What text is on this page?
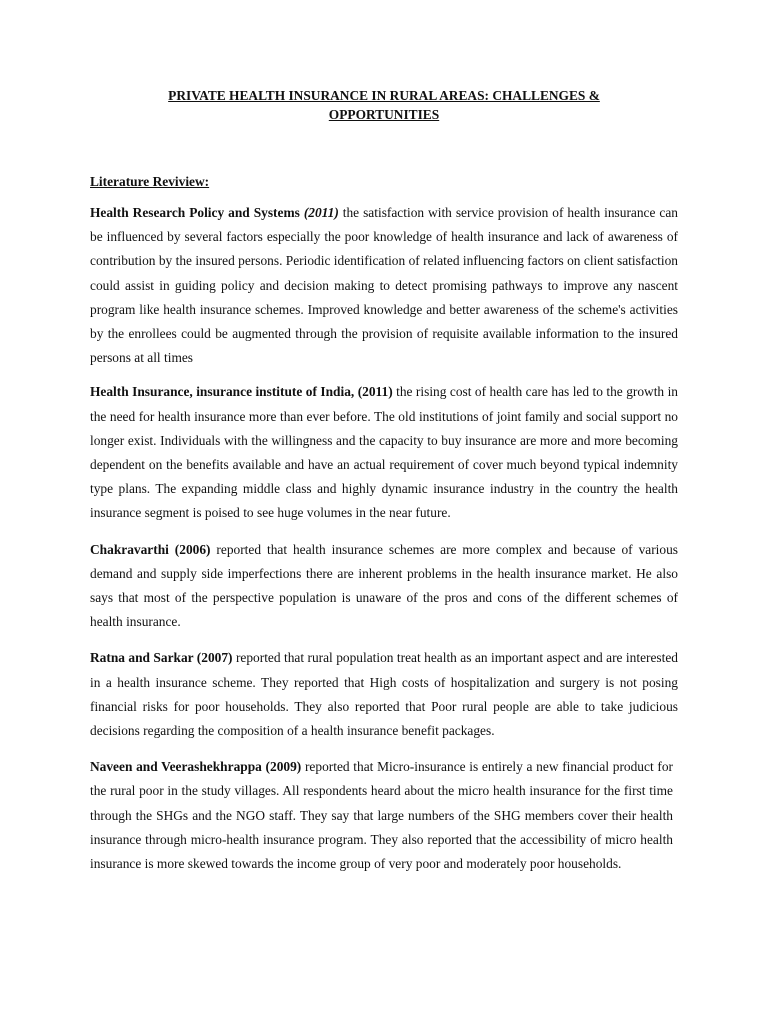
PRIVATE HEALTH INSURANCE IN RURAL AREAS: CHALLENGES &
OPPORTUNITIES

Literature Reviview:

Health Research Policy and Systems (2011) the satisfaction with service provision of health insurance can be influenced by several factors especially the poor knowledge of health insurance and lack of awareness of contribution by the insured persons. Periodic identification of related influencing factors on client satisfaction could assist in guiding policy and decision making to detect promising pathways to improve any nascent program like health insurance schemes. Improved knowledge and better awareness of the scheme's activities by the enrollees could be augmented through the provision of requisite available information to the insured persons at all times

Health Insurance, insurance institute of India, (2011) the rising cost of health care has led to the growth in the need for health insurance more than ever before. The old institutions of joint family and social support no longer exist. Individuals with the willingness and the capacity to buy insurance are more and more becoming dependent on the benefits available and have an actual requirement of cover much beyond typical indemnity type plans. The expanding middle class and highly dynamic insurance industry in the country the health insurance segment is poised to see huge volumes in the near future.

Chakravarthi (2006) reported that health insurance schemes are more complex and because of various demand and supply side imperfections there are inherent problems in the health insurance market. He also says that most of the perspective population is unaware of the pros and cons of the different schemes of health insurance.

Ratna and Sarkar (2007) reported that rural population treat health as an important aspect and are interested in a health insurance scheme. They reported that High costs of hospitalization and surgery is not posing financial risks for poor households. They also reported that Poor rural people are able to take judicious decisions regarding the composition of a health insurance benefit packages.

Naveen and Veerashekhrappa (2009) reported that Micro-insurance is entirely a new financial product for the rural poor in the study villages. All respondents heard about the micro health insurance for the first time through the SHGs and the NGO staff. They say that large numbers of the SHG members cover their health insurance through micro-health insurance program. They also reported that the accessibility of micro health insurance is more skewed towards the income group of very poor and moderately poor households.
